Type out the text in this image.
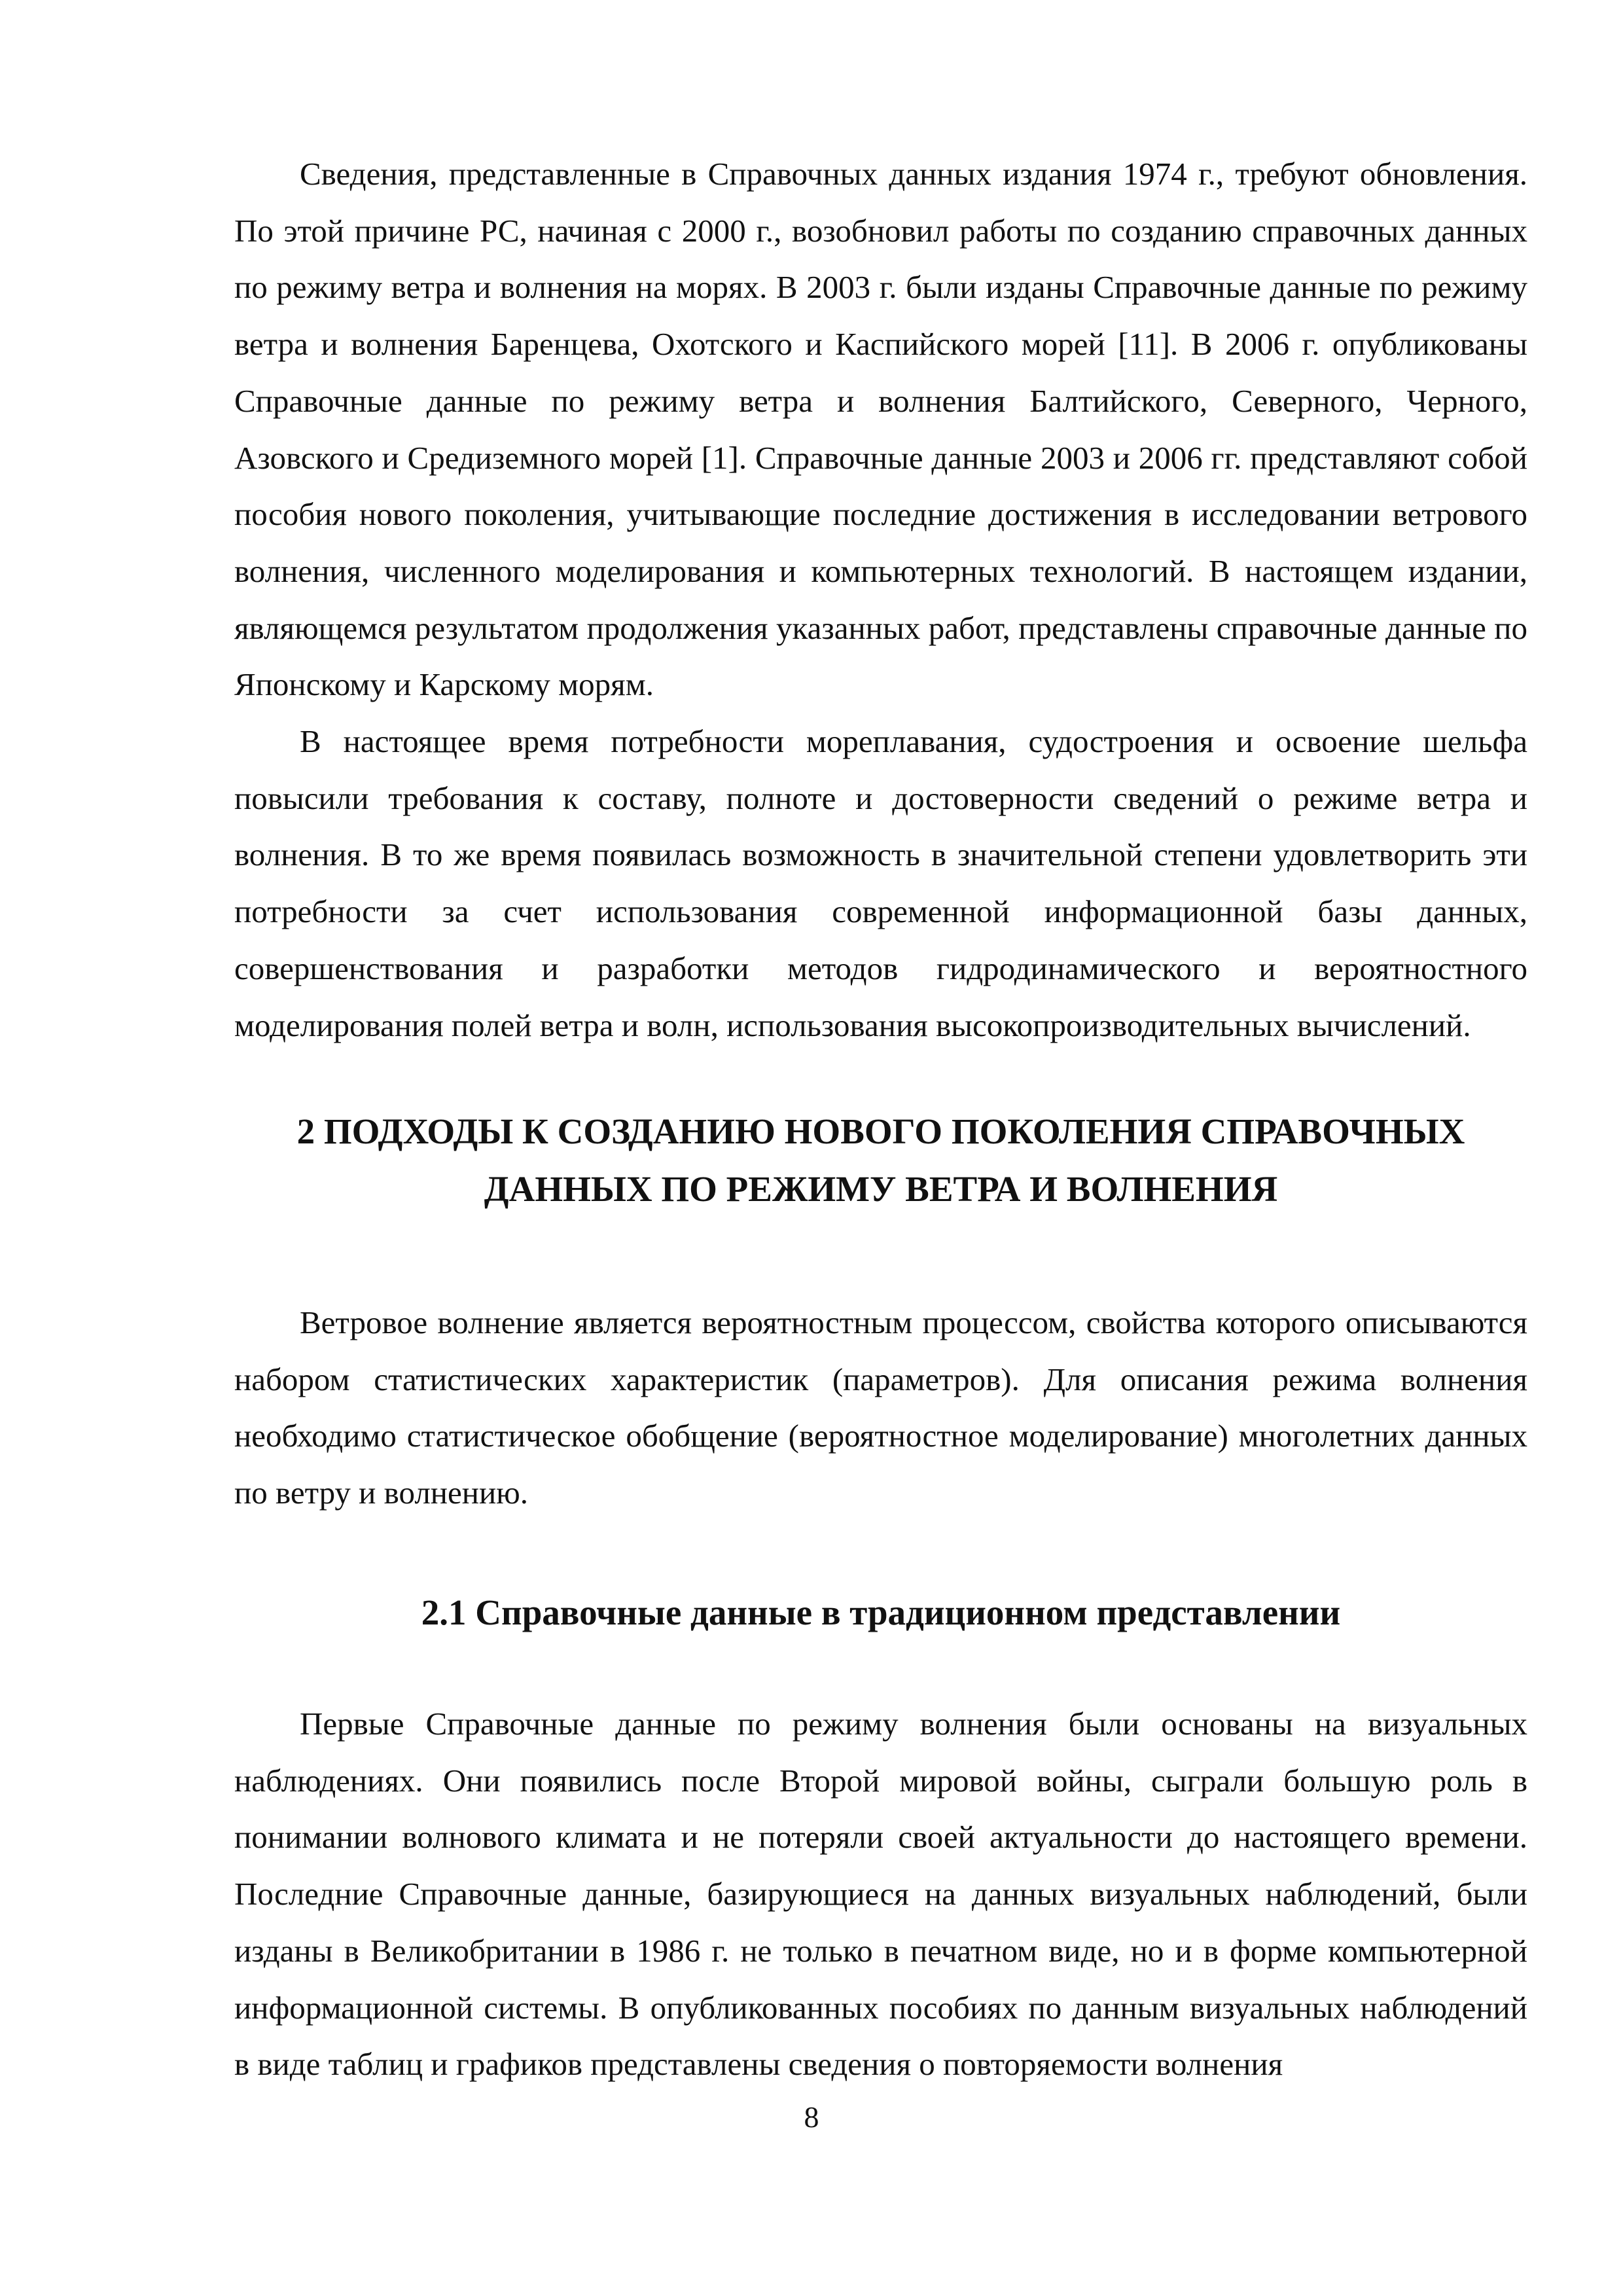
Сведения, представленные в Справочных данных издания 1974 г., требуют обновления. По этой причине РС, начиная с 2000 г., возобновил работы по созданию справочных данных по режиму ветра и волнения на морях. В 2003 г. были изданы Справочные данные по режиму ветра и волнения Баренцева, Охотского и Каспийского морей [11]. В 2006 г. опубликованы Справочные данные по режиму ветра и волнения Балтийского, Северного, Черного, Азовского и Средиземного морей [1]. Справочные данные 2003 и 2006 гг. представляют собой пособия нового поколения, учитывающие последние достижения в исследовании ветрового волнения, численного моделирования и компьютерных технологий. В настоящем издании, являющемся результатом продолжения указанных работ, представлены справочные данные по Японскому и Карскому морям.

В настоящее время потребности мореплавания, судостроения и освоение шельфа повысили требования к составу, полноте и достоверности сведений о режиме ветра и волнения. В то же время появилась возможность в значительной степени удовлетворить эти потребности за счет использования современной информационной базы данных, совершенствования и разработки методов гидродинамического и вероятностного моделирования полей ветра и волн, использования высокопроизводительных вычислений.

2 ПОДХОДЫ К СОЗДАНИЮ НОВОГО ПОКОЛЕНИЯ СПРАВОЧНЫХ
ДАННЫХ ПО РЕЖИМУ ВЕТРА И ВОЛНЕНИЯ

Ветровое волнение является вероятностным процессом, свойства которого описываются набором статистических характеристик (параметров). Для описания режима волнения необходимо статистическое обобщение (вероятностное моделирование) многолетних данных по ветру и волнению.

2.1 Справочные данные в традиционном представлении

Первые Справочные данные по режиму волнения были основаны на визуальных наблюдениях. Они появились после Второй мировой войны, сыграли большую роль в понимании волнового климата и не потеряли своей актуальности до настоящего времени. Последние Справочные данные, базирующиеся на данных визуальных наблюдений, были изданы в Великобритании в 1986 г. не только в печатном виде, но и в форме компьютерной информационной системы. В опубликованных пособиях по данным визуальных наблюдений в виде таблиц и графиков представлены сведения о повторяемости волнения

8
